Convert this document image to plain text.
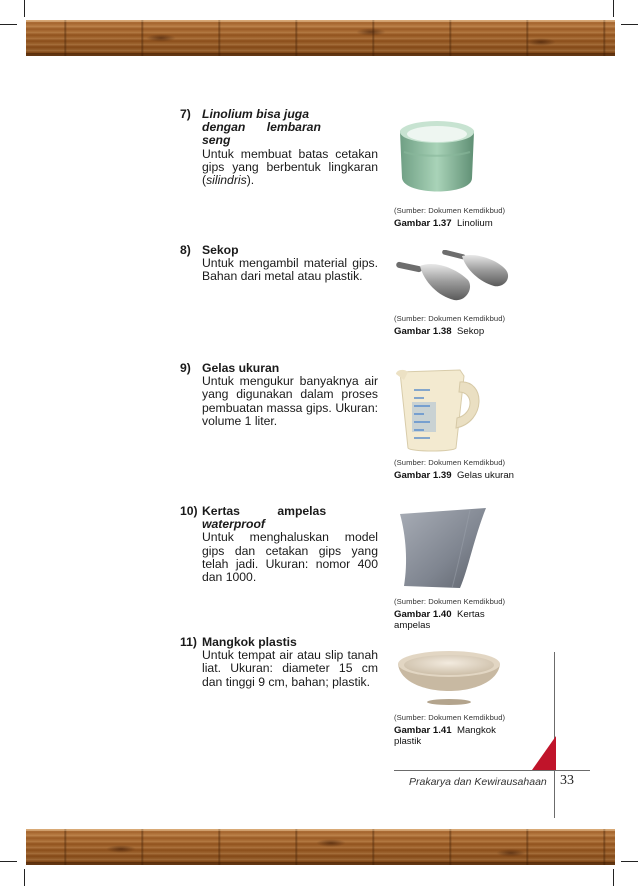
7) Linolium bisa juga
dengan lembaran
seng
Untuk membuat batas cetakan gips yang berbentuk lingkaran (silindris).
(Sumber: Dokumen Kemdikbud)
Gambar 1.37 Linolium
8) Sekop
Untuk mengambil material gips. Bahan dari metal atau plastik.
(Sumber: Dokumen Kemdikbud)
Gambar 1.38 Sekop
9) Gelas ukuran
Untuk mengukur banyaknya air yang digunakan dalam proses pembuatan massa gips. Ukuran: volume 1 liter.
(Sumber: Dokumen Kemdikbud)
Gambar 1.39 Gelas ukuran
10) Kertas ampelas
waterproof
Untuk menghaluskan model gips dan cetakan gips yang telah jadi. Ukuran: nomor 400 dan 1000.
(Sumber: Dokumen Kemdikbud)
Gambar 1.40 Kertas ampelas
11) Mangkok plastis
Untuk tempat air atau slip tanah liat. Ukuran: diameter 15 cm dan tinggi 9 cm, bahan; plastik.
(Sumber: Dokumen Kemdikbud)
Gambar 1.41 Mangkok plastik
Prakarya dan Kewirausahaan 33
